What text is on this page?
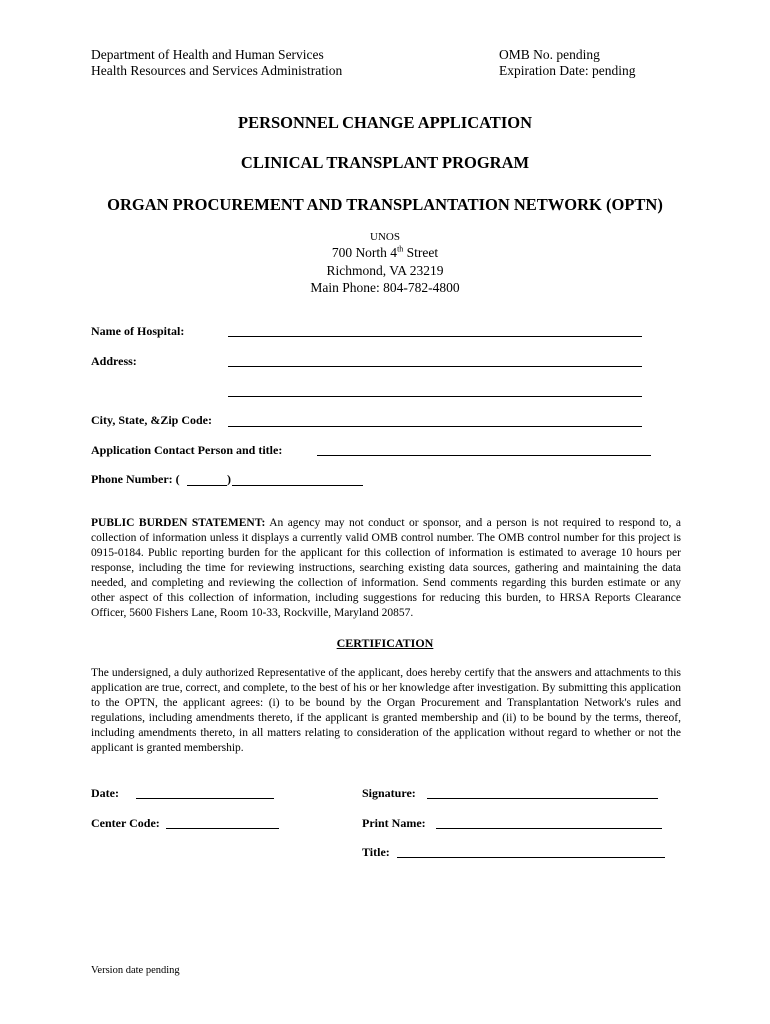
Department of Health and Human Services
Health Resources and Services Administration
OMB No. pending
Expiration Date: pending
PERSONNEL CHANGE APPLICATION
CLINICAL TRANSPLANT PROGRAM
ORGAN PROCUREMENT AND TRANSPLANTATION NETWORK (OPTN)
UNOS
700 North 4th Street
Richmond, VA 23219
Main Phone: 804-782-4800
Name of Hospital:
Address:
City, State, &Zip Code:
Application Contact Person and title:
Phone Number: (	)
PUBLIC BURDEN STATEMENT: An agency may not conduct or sponsor, and a person is not required to respond to, a collection of information unless it displays a currently valid OMB control number. The OMB control number for this project is 0915-0184. Public reporting burden for the applicant for this collection of information is estimated to average 10 hours per response, including the time for reviewing instructions, searching existing data sources, gathering and maintaining the data needed, and completing and reviewing the collection of information. Send comments regarding this burden estimate or any other aspect of this collection of information, including suggestions for reducing this burden, to HRSA Reports Clearance Officer, 5600 Fishers Lane, Room 10-33, Rockville, Maryland 20857.
CERTIFICATION
The undersigned, a duly authorized Representative of the applicant, does hereby certify that the answers and attachments to this application are true, correct, and complete, to the best of his or her knowledge after investigation. By submitting this application to the OPTN, the applicant agrees: (i) to be bound by the Organ Procurement and Transplantation Network's rules and regulations, including amendments thereto, if the applicant is granted membership and (ii) to be bound by the terms, thereof, including amendments thereto, in all matters relating to consideration of the application without regard to whether or not the applicant is granted membership.
Date:	Signature:
Center Code:	Print Name:
Title:
Version date pending
